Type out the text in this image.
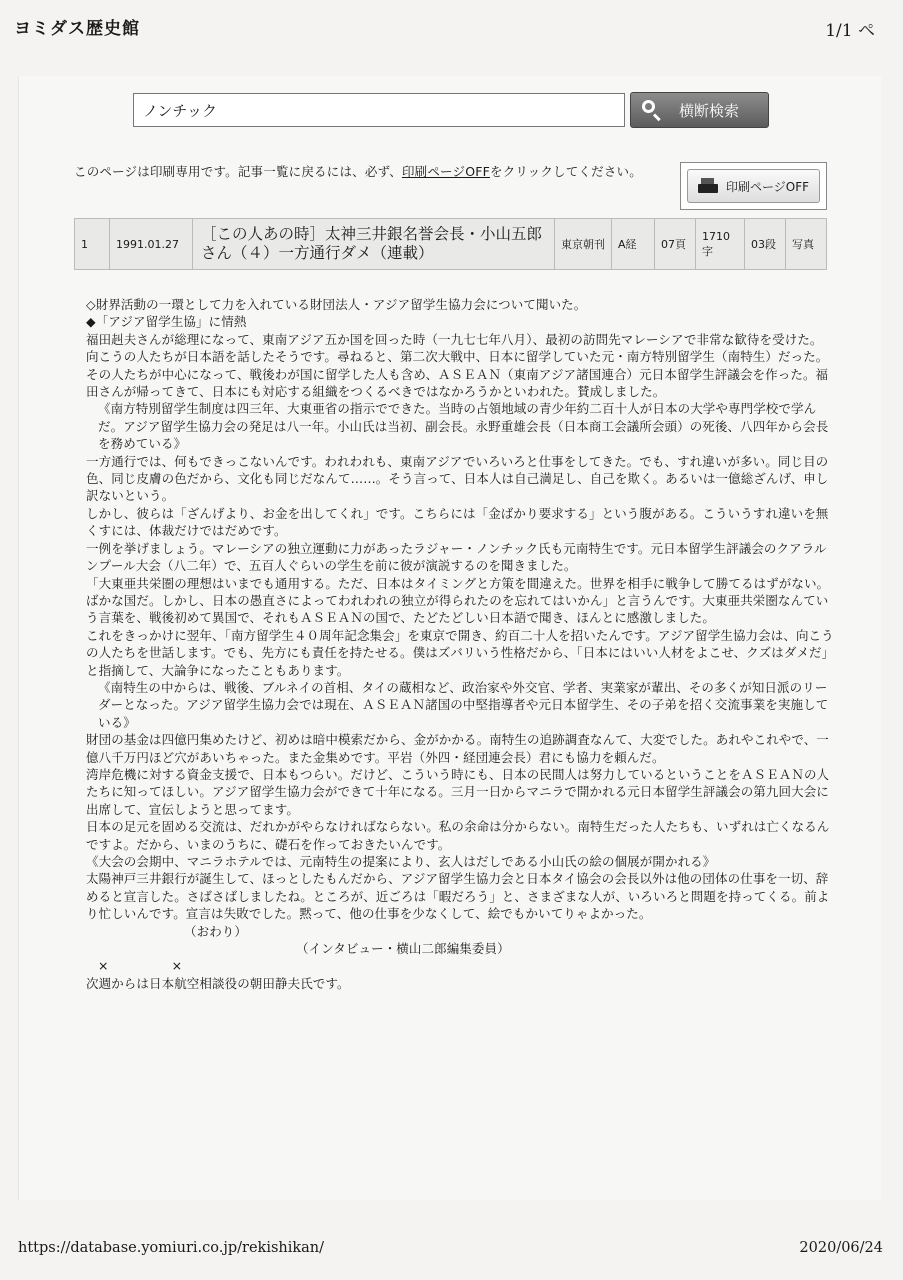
ヨミダス歴史館	1/1 ペ
ノンチック	横断検索
このページは印刷専用です。記事一覧に戻るには、必ず、印刷ページOFFをクリックしてください。
印刷ページOFF
1	1991.01.27	［この人あの時］太神三井銀名誉会長・小山五郎さん（４）一方通行ダメ（連載）	東京朝刊	A経	07頁	1710字	03段	写真

◇財界活動の一環として力を入れている財団法人・アジア留学生協力会について聞いた。

◆「アジア留学生協」に情熱

福田赳夫さんが総理になって、東南アジア五か国を回った時（一九七七年八月）、最初の訪問先マレーシアで非常な歓待を受けた。向こうの人たちが日本語を話したそうです。尋ねると、第二次大戦中、日本に留学していた元・南方特別留学生（南特生）だった。

その人たちが中心になって、戦後わが国に留学した人も含め、ＡＳＥＡＮ（東南アジア諸国連合）元日本留学生評議会を作った。福田さんが帰ってきて、日本にも対応する組織をつくるべきではなかろうかといわれた。賛成しました。

《南方特別留学生制度は四三年、大東亜省の指示でできた。当時の占領地域の青少年約二百十人が日本の大学や専門学校で学んだ。アジア留学生協力会の発足は八一年。小山氏は当初、副会長。永野重雄会長（日本商工会議所会頭）の死後、八四年から会長を務めている》

一方通行では、何もできっこないんです。われわれも、東南アジアでいろいろと仕事をしてきた。でも、すれ違いが多い。同じ目の色、同じ皮膚の色だから、文化も同じだなんて……。そう言って、日本人は自己満足し、自己を欺く。あるいは一億総ざんげ、申し訳ないという。

しかし、彼らは「ざんげより、お金を出してくれ」です。こちらには「金ばかり要求する」という腹がある。こういうすれ違いを無くすには、体裁だけではだめです。

一例を挙げましょう。マレーシアの独立運動に力があったラジャー・ノンチック氏も元南特生です。元日本留学生評議会のクアラルンプール大会（八二年）で、五百人ぐらいの学生を前に彼が演説するのを聞きました。

「大東亜共栄圏の理想はいまでも通用する。ただ、日本はタイミングと方策を間違えた。世界を相手に戦争して勝てるはずがない。ばかな国だ。しかし、日本の愚直さによってわれわれの独立が得られたのを忘れてはいかん」と言うんです。大東亜共栄圏なんていう言葉を、戦後初めて異国で、それもＡＳＥＡＮの国で、たどたどしい日本語で聞き、ほんとに感激しました。

これをきっかけに翌年、「南方留学生４０周年記念集会」を東京で開き、約百二十人を招いたんです。アジア留学生協力会は、向こうの人たちを世話します。でも、先方にも責任を持たせる。僕はズバリいう性格だから、「日本にはいい人材をよこせ、クズはダメだ」と指摘して、大論争になったこともあります。

《南特生の中からは、戦後、ブルネイの首相、タイの蔵相など、政治家や外交官、学者、実業家が輩出、その多くが知日派のリーダーとなった。アジア留学生協力会では現在、ＡＳＥＡＮ諸国の中堅指導者や元日本留学生、その子弟を招く交流事業を実施している》

財団の基金は四億円集めたけど、初めは暗中模索だから、金がかかる。南特生の追跡調査なんて、大変でした。あれやこれやで、一億八千万円ほど穴があいちゃった。また金集めです。平岩（外四・経団連会長）君にも協力を頼んだ。

湾岸危機に対する資金支援で、日本もつらい。だけど、こういう時にも、日本の民間人は努力しているということをＡＳＥＡＮの人たちに知ってほしい。アジア留学生協力会ができて十年になる。三月一日からマニラで開かれる元日本留学生評議会の第九回大会に出席して、宣伝しようと思ってます。

日本の足元を固める交流は、だれかがやらなければならない。私の余命は分からない。南特生だった人たちも、いずれは亡くなるんですよ。だから、いまのうちに、礎石を作っておきたいんです。

《大会の会期中、マニラホテルでは、元南特生の提案により、玄人はだしである小山氏の絵の個展が開かれる》

太陽神戸三井銀行が誕生して、ほっとしたもんだから、アジア留学生協力会と日本タイ協会の会長以外は他の団体の仕事を一切、辞めると宣言した。さばさばしましたね。ところが、近ごろは「暇だろう」と、さまざまな人が、いろいろと問題を持ってくる。前より忙しいんです。宣言は失敗でした。黙って、他の仕事を少なくして、絵でもかいてりゃよかった。

（おわり）

（インタビュー・横山二郎編集委員）

×　　　　　×

次週からは日本航空相談役の朝田静夫氏です。

https://database.yomiuri.co.jp/rekishikan/	2020/06/24
